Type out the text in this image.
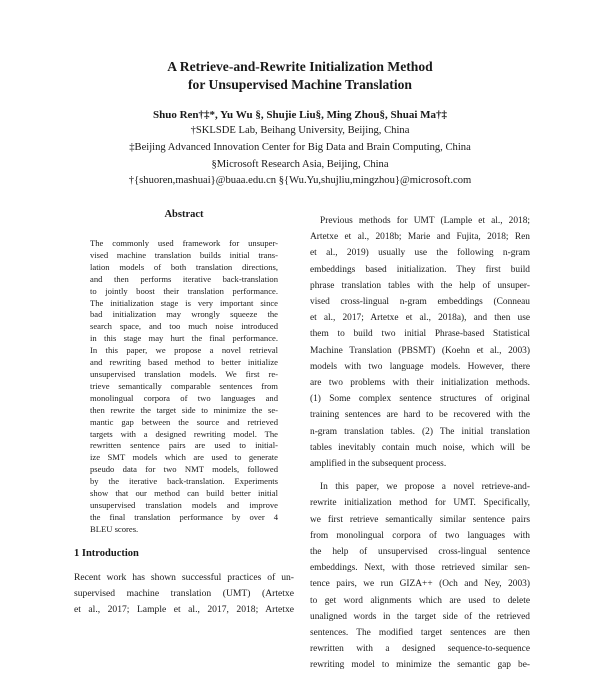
A Retrieve-and-Rewrite Initialization Method
for Unsupervised Machine Translation
Shuo Ren†‡*, Yu Wu §, Shujie Liu§, Ming Zhou§, Shuai Ma†‡
†SKLSDE Lab, Beihang University, Beijing, China
‡Beijing Advanced Innovation Center for Big Data and Brain Computing, China
§Microsoft Research Asia, Beijing, China
†{shuoren,mashuai}@buaa.edu.cn §{Wu.Yu,shujliu,mingzhou}@microsoft.com
Abstract
The commonly used framework for unsuper-
vised machine translation builds initial trans-
lation models of both translation directions,
and then performs iterative back-translation
to jointly boost their translation performance.
The initialization stage is very important since
bad initialization may wrongly squeeze the
search space, and too much noise introduced
in this stage may hurt the final performance.
In this paper, we propose a novel retrieval
and rewriting based method to better initialize
unsupervised translation models. We first re-
trieve semantically comparable sentences from
monolingual corpora of two languages and
then rewrite the target side to minimize the se-
mantic gap between the source and retrieved
targets with a designed rewriting model. The
rewritten sentence pairs are used to initial-
ize SMT models which are used to generate
pseudo data for two NMT models, followed
by the iterative back-translation. Experiments
show that our method can build better initial
unsupervised translation models and improve
the final translation performance by over 4
BLEU scores.
1 Introduction
Recent work has shown successful practices of un-
supervised machine translation (UMT) (Artetxe
et al., 2017; Lample et al., 2017, 2018; Artetxe
Previous methods for UMT (Lample et al., 2018;
Artetxe et al., 2018b; Marie and Fujita, 2018; Ren
et al., 2019) usually use the following n-gram
embeddings based initialization. They first build
phrase translation tables with the help of unsuper-
vised cross-lingual n-gram embeddings (Conneau
et al., 2017; Artetxe et al., 2018a), and then use
them to build two initial Phrase-based Statistical
Machine Translation (PBSMT) (Koehn et al., 2003)
models with two language models. However, there
are two problems with their initialization methods.
(1) Some complex sentence structures of original
training sentences are hard to be recovered with the
n-gram translation tables. (2) The initial translation
tables inevitably contain much noise, which will be
amplified in the subsequent process.
In this paper, we propose a novel retrieve-and-
rewrite initialization method for UMT. Specifically,
we first retrieve semantically similar sentence pairs
from monolingual corpora of two languages with
the help of unsupervised cross-lingual sentence
embeddings. Next, with those retrieved similar sen-
tence pairs, we run GIZA++ (Och and Ney, 2003)
to get word alignments which are used to delete
unaligned words in the target side of the retrieved
sentences. The modified target sentences are then
rewritten with a designed sequence-to-sequence
rewriting model to minimize the semantic gap be-
